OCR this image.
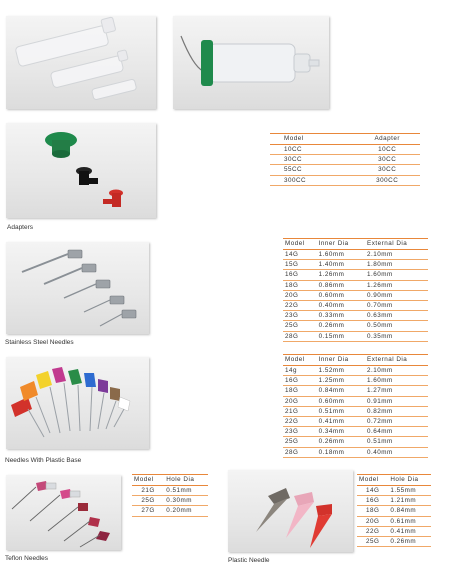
Adapters
Model	Adapter
10CC	10CC
30CC	30CC
55CC	30CC
300CC	300CC
Stainless Steel Needles
Model	Inner Dia	External Dia
14G	1.60mm	2.10mm
15G	1.40mm	1.80mm
16G	1.26mm	1.60mm
18G	0.86mm	1.26mm
20G	0.60mm	0.90mm
22G	0.40mm	0.70mm
23G	0.33mm	0.63mm
25G	0.26mm	0.50mm
28G	0.15mm	0.35mm
Needles With Plastic Base
Model	Inner Dia	External Dia
14g	1.52mm	2.10mm
16G	1.25mm	1.60mm
18G	0.84mm	1.27mm
20G	0.60mm	0.91mm
21G	0.51mm	0.82mm
22G	0.41mm	0.72mm
23G	0.34mm	0.64mm
25G	0.26mm	0.51mm
28G	0.18mm	0.40mm
Teflon Needles
Model	Hole Dia
21G	0.51mm
25G	0.30mm
27G	0.20mm
Plastic Needle
Model	Hole Dia
14G	1.55mm
16G	1.21mm
18G	0.84mm
20G	0.61mm
22G	0.41mm
25G	0.26mm
